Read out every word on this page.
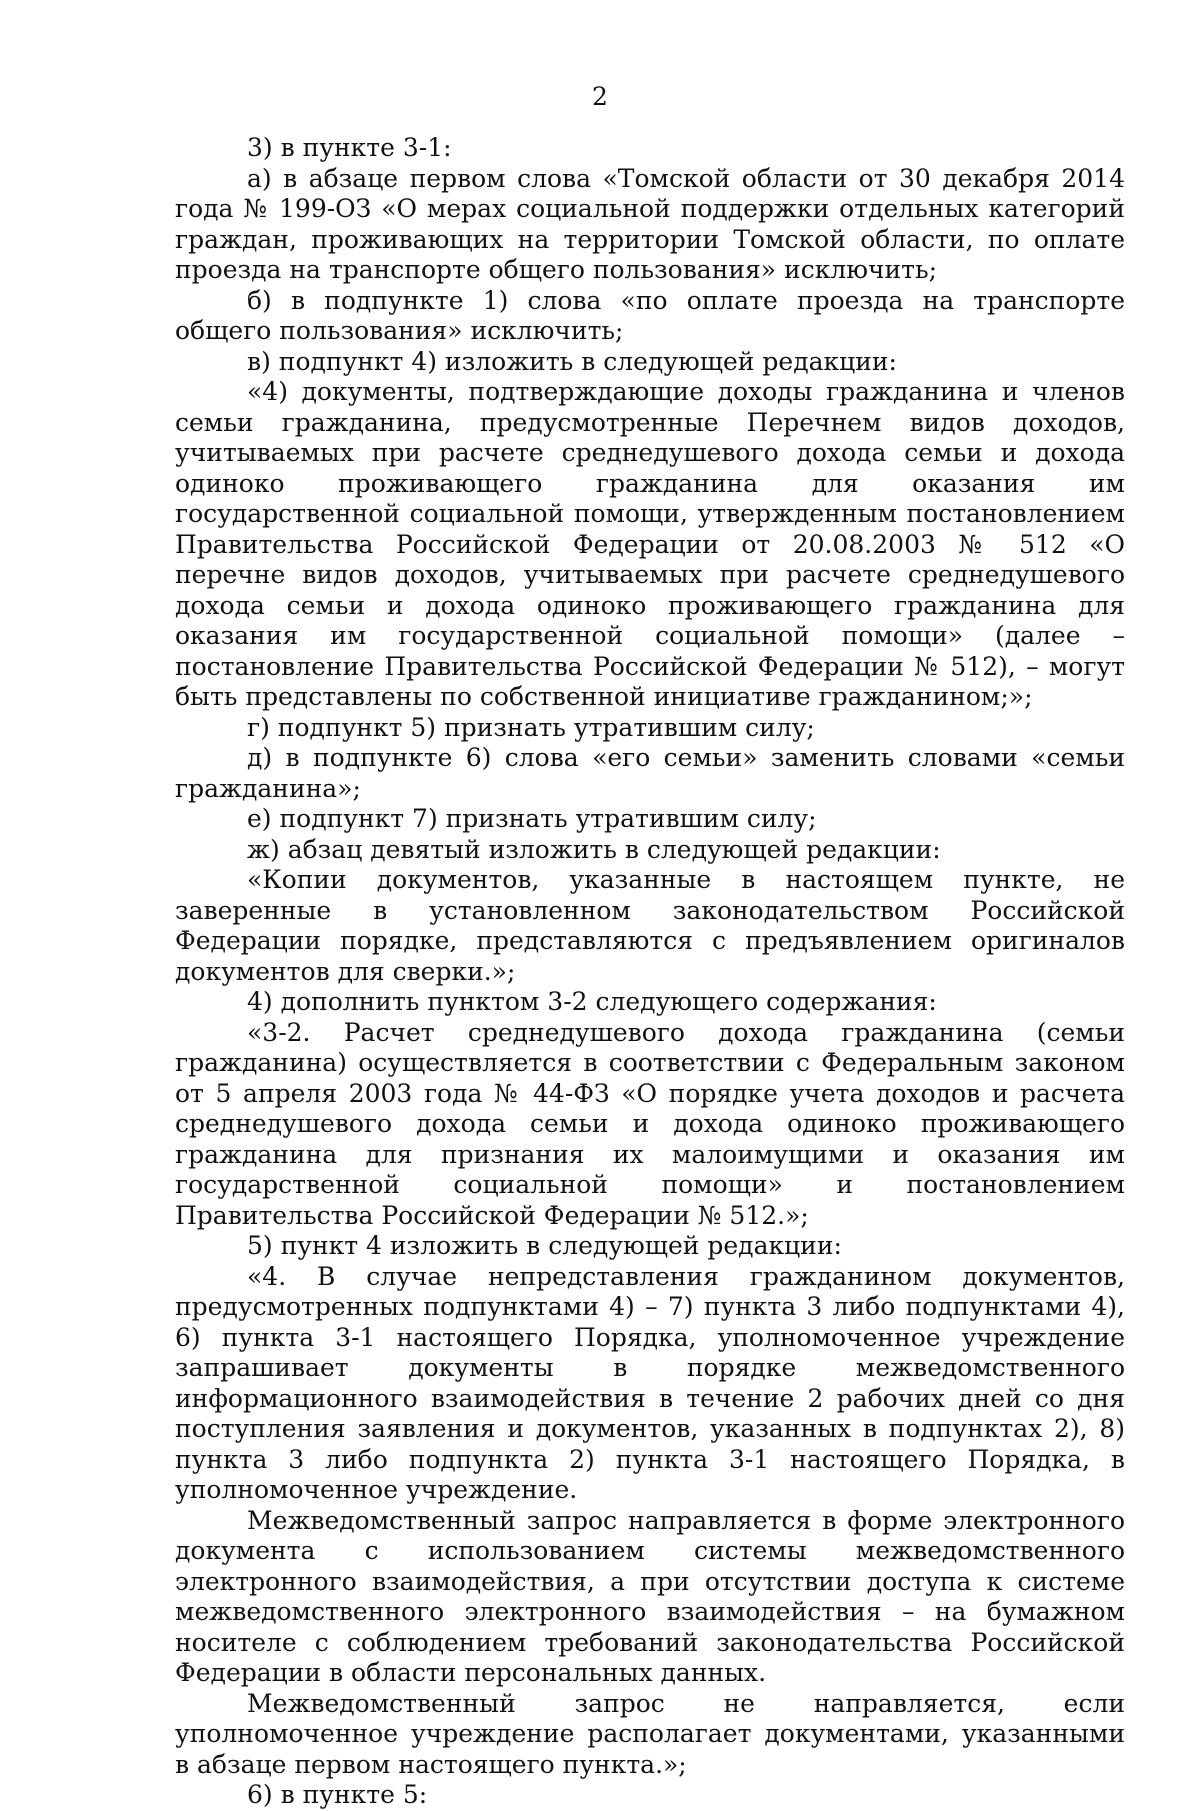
2

3) в пункте 3-1:

а) в абзаце первом слова «Томской области от 30 декабря 2014 года № 199-ОЗ «О мерах социальной поддержки отдельных категорий граждан, проживающих на территории Томской области, по оплате проезда на транспорте общего пользования» исключить;

б) в подпункте 1) слова «по оплате проезда на транспорте общего пользования» исключить;

в) подпункт 4) изложить в следующей редакции:

«4) документы, подтверждающие доходы гражданина и членов семьи гражданина, предусмотренные Перечнем видов доходов, учитываемых при расчете среднедушевого дохода семьи и дохода одиноко проживающего гражданина для оказания им государственной социальной помощи, утвержденным постановлением Правительства Российской Федерации от 20.08.2003 № 512 «О перечне видов доходов, учитываемых при расчете среднедушевого дохода семьи и дохода одиноко проживающего гражданина для оказания им государственной социальной помощи» (далее – постановление Правительства Российской Федерации № 512), – могут быть представлены по собственной инициативе гражданином;»;

г) подпункт 5) признать утратившим силу;

д) в подпункте 6) слова «его семьи» заменить словами «семьи гражданина»;

е) подпункт 7) признать утратившим силу;

ж) абзац девятый изложить в следующей редакции:

«Копии документов, указанные в настоящем пункте, не заверенные в установленном законодательством Российской Федерации порядке, представляются с предъявлением оригиналов документов для сверки.»;

4) дополнить пунктом 3-2 следующего содержания:

«3-2. Расчет среднедушевого дохода гражданина (семьи гражданина) осуществляется в соответствии с Федеральным законом от 5 апреля 2003 года № 44-ФЗ «О порядке учета доходов и расчета среднедушевого дохода семьи и дохода одиноко проживающего гражданина для признания их малоимущими и оказания им государственной социальной помощи» и постановлением Правительства Российской Федерации № 512.»;

5) пункт 4 изложить в следующей редакции:

«4. В случае непредставления гражданином документов, предусмотренных подпунктами 4) – 7) пункта 3 либо подпунктами 4), 6) пункта 3-1 настоящего Порядка, уполномоченное учреждение запрашивает документы в порядке межведомственного информационного взаимодействия в течение 2 рабочих дней со дня поступления заявления и документов, указанных в подпунктах 2), 8) пункта 3 либо подпункта 2) пункта 3-1 настоящего Порядка, в уполномоченное учреждение.

Межведомственный запрос направляется в форме электронного документа с использованием системы межведомственного электронного взаимодействия, а при отсутствии доступа к системе межведомственного электронного взаимодействия – на бумажном носителе с соблюдением требований законодательства Российской Федерации в области персональных данных.

Межведомственный запрос не направляется, если уполномоченное учреждение располагает документами, указанными в абзаце первом настоящего пункта.»;

6) в пункте 5:
